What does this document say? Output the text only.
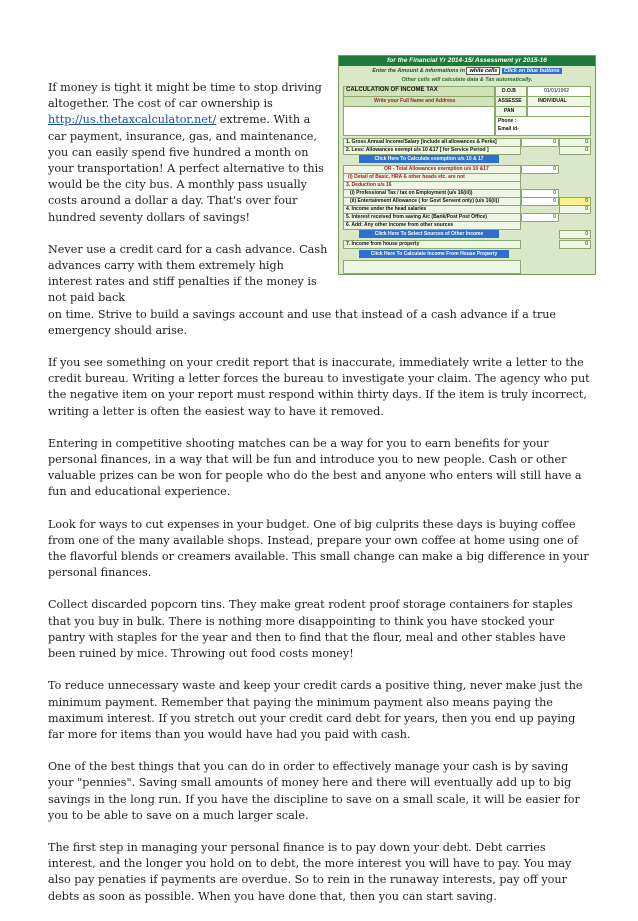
for the Financial Yr 2014-15/ Assessment yr 2015-16
Enter the Amount & informations in white cells Click on blue buttons
Other cells will calculate data & Tax automatically.
CALCULATION OF INCOME TAX	D.O.B	01/01/1962
Write your Full Name and Address	ASSESSE	INDIVIDUAL
PAN
Phone :
Email id-
1. Gross Annual Income/Salary [include all allowances & Perks]	0	0
2. Less: Allowances exempt u/s 10 &17 [ for Service Period ]	0
Click Here To Calculate exemption u/s 10 & 17
OR - Total Allowances exemption u/s 10 &17	0
(i) Detail of Basic, HRA & other heads etc. are not
3. Deduction u/s 16
(i) Professional Tax / tax on Employment (u/s 16(iii))	0
(ii) Entertainment Allowance ( for Govt Servent only) (u/s 16(ii))	0	0
4. Income under the head salaries	0
5. Interest received from saving A/c (Bank/Post Post Office)	0
6. Add: Any other income from other sources
Click Here To Select Sources of Other Income	0
7. Income from house property	0
Click Here To Calculate Income From House Property

If money is tight it might be time to stop driving altogether. The cost of car ownership is http://us.thetaxcalculator.net/ extreme. With a car payment, insurance, gas, and maintenance, you can easily spend five hundred a month on your transportation! A perfect alternative to this would be the city bus. A monthly pass usually costs around a dollar a day. That's over four hundred seventy dollars of savings!

Never use a credit card for a cash advance. Cash advances carry with them extremely high interest rates and stiff penalties if the money is not paid back
on time. Strive to build a savings account and use that instead of a cash advance if a true emergency should arise.

If you see something on your credit report that is inaccurate, immediately write a letter to the credit bureau. Writing a letter forces the bureau to investigate your claim. The agency who put the negative item on your report must respond within thirty days. If the item is truly incorrect, writing a letter is often the easiest way to have it removed.

Entering in competitive shooting matches can be a way for you to earn benefits for your personal finances, in a way that will be fun and introduce you to new people. Cash or other valuable prizes can be won for people who do the best and anyone who enters will still have a fun and educational experience.

Look for ways to cut expenses in your budget. One of big culprits these days is buying coffee from one of the many available shops. Instead, prepare your own coffee at home using one of the flavorful blends or creamers available. This small change can make a big difference in your personal finances.

Collect discarded popcorn tins. They make great rodent proof storage containers for staples that you buy in bulk. There is nothing more disappointing to think you have stocked your pantry with staples for the year and then to find that the flour, meal and other stables have been ruined by mice. Throwing out food costs money!

To reduce unnecessary waste and keep your credit cards a positive thing, never make just the minimum payment. Remember that paying the minimum payment also means paying the maximum interest. If you stretch out your credit card debt for years, then you end up paying far more for items than you would have had you paid with cash.

One of the best things that you can do in order to effectively manage your cash is by saving your "pennies". Saving small amounts of money here and there will eventually add up to big savings in the long run. If you have the discipline to save on a small scale, it will be easier for you to be able to save on a much larger scale.

The first step in managing your personal finance is to pay down your debt. Debt carries interest, and the longer you hold on to debt, the more interest you will have to pay. You may also pay penaties if payments are overdue. So to rein in the runaway interests, pay off your debts as soon as possible. When you have done that, then you can start saving.
